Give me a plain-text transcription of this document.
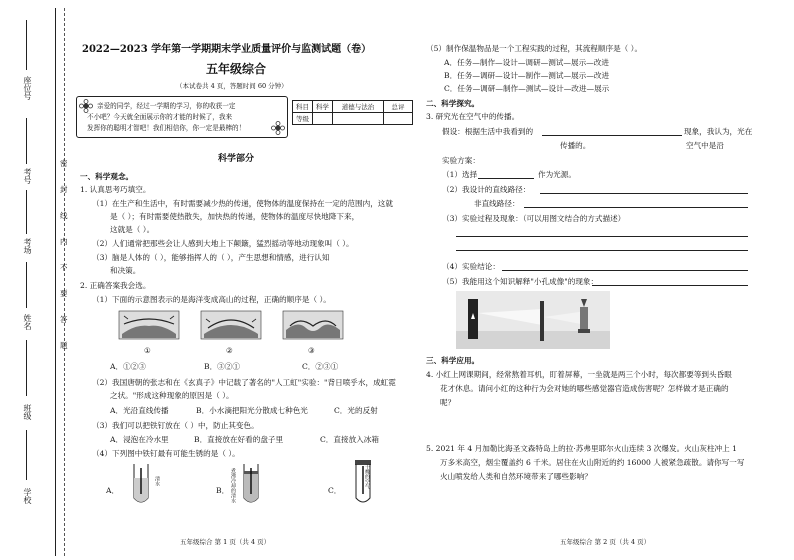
学校
班级
姓名
考场
考号
座位号
密
封
线
内
不
要
答
题
2022—2023 学年第一学期期末学业质量评价与监测试题（卷）
五年级综合
（本试卷共 4 页，答题时间 60 分钟）
亲爱的同学，经过一学期的学习，你的收获一定
不小吧？今天就全面展示你的才能的时候了，我来
发挥你的聪明才智吧！我们相信你，你一定是最棒的！
科目	科学	道德与法治	总评
等级			
科学部分
一、科学观念。
1. 认真思考巧填空。
（1）在生产和生活中，有时需要减少热的传递，使物体的温度保持在一定的范围内，这就
是（ ）；有时需要使热散失，加快热的传递，使物体的温度尽快地降下来，
这就是（ ）。
（2）人们通常把那些会让人感到大地上下颠簸，猛烈摇动等地动现象叫（ ）。
（3）脑是人体的（ ），能够指挥人的（ ），产生思想和情感，进行认知
和决策。
2. 正确答案我会选。
（1）下面的示意图表示的是海洋变成高山的过程，正确的顺序是（ ）。
①	②	③
A．①②③	B．③②①	C．②③①
（2）我国唐朝的张志和在《玄真子》中记载了著名的"人工虹"实验："背日喷乎水，成虹霓
之状。"形成这种现象的原因是（ ）。
A．光沿直线传播	B．小水滴把阳光分散成七种色光	C．光的反射
（3）我们可以把铁钉放在（ ）中，防止其变色。
A．浸泡在冷水里	B．直接放在好看的盘子里	C．直接放入冰箱
（4）下列图中铁钉最有可能生锈的是（ ）。
A．
清水
B． 煮沸冷却的清水	C．
干燥的空气
五年级综合 第 1 页（共 4 页）
（5）制作保温物品是一个工程实践的过程，其流程顺序是（ ）。
A．任务—制作—设计—调研—测试—展示—改进
B．任务—调研—设计—制作—测试—展示—改进
C．任务—调研—制作—测试—设计—改进—展示
二、科学探究。
3. 研究光在空气中的传播。
假设：根据生活中我看到的	现象，我认为，光在
空气中是沿
传播的。
实验方案：
（1）选择	作为光源。
（2）我设计的直线路径：
非直线路径：
（3）实验过程及现象：（可以用图文结合的方式描述）
（4）实验结论：
（5）我能用这个知识解释"小孔成像"的现象：
三、科学应用。
4. 小红上网课期间，经常熬着耳机，盯着屏幕，一坐就是两三个小时，每次都要等到头昏眼
花才休息。请问小红的这种行为会对她的哪些感觉器官造成伤害呢？怎样做才是正确的
呢？
5. 2021 年 4 月加勒比海圣文森特岛上的拉·苏弗里耶尔火山连续 3 次爆发。火山灰柱冲上 1
万多米高空，烟尘覆盖约 6 千米。居住在火山附近的约 16000 人被紧急疏散。请你写一写
火山喷发给人类和自然环境带来了哪些影响？
五年级综合 第 2 页（共 4 页）
